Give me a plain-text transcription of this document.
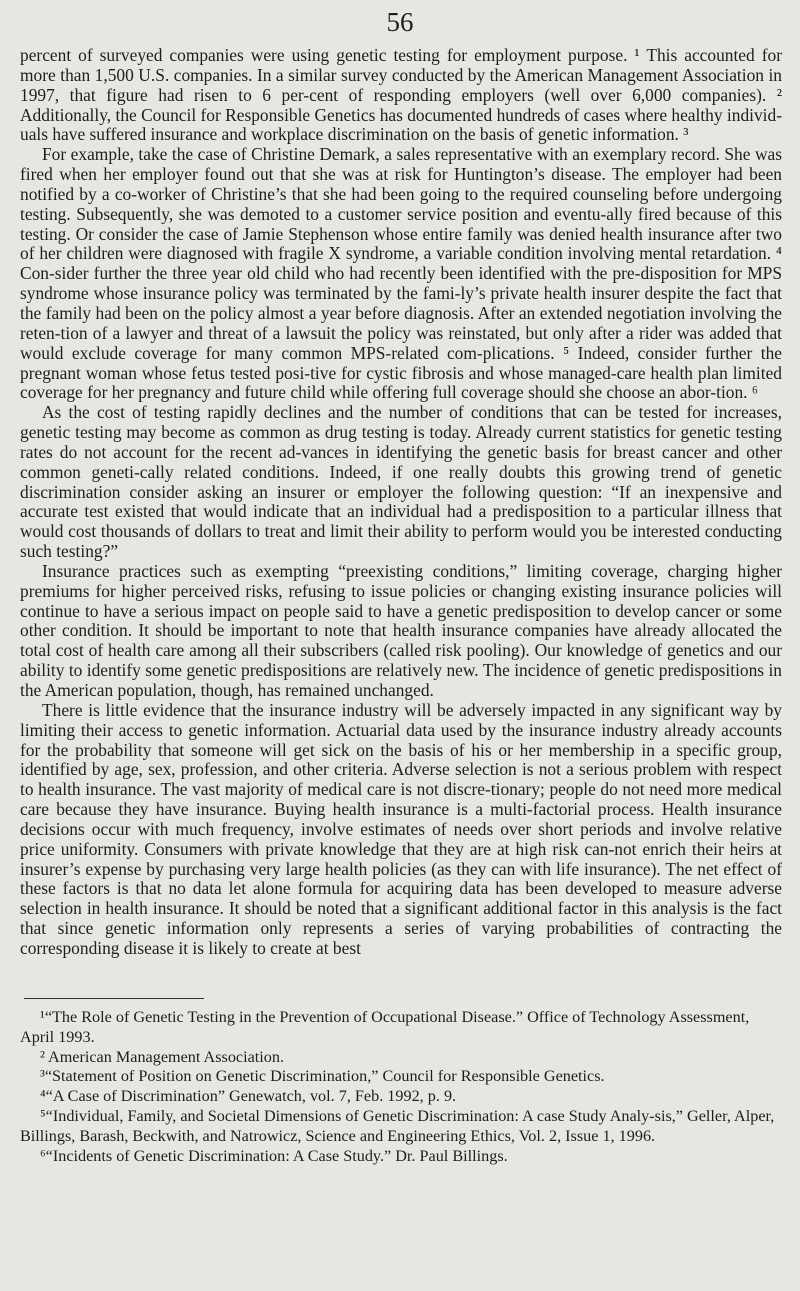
56

percent of surveyed companies were using genetic testing for employment purpose. ¹ This accounted for more than 1,500 U.S. companies. In a similar survey conducted by the American Management Association in 1997, that figure had risen to 6 per-cent of responding employers (well over 6,000 companies). ² Additionally, the Council for Responsible Genetics has documented hundreds of cases where healthy individ-uals have suffered insurance and workplace discrimination on the basis of genetic information. ³

For example, take the case of Christine Demark, a sales representative with an exemplary record. She was fired when her employer found out that she was at risk for Huntington’s disease. The employer had been notified by a co-worker of Christine’s that she had been going to the required counseling before undergoing testing. Subsequently, she was demoted to a customer service position and eventu-ally fired because of this testing. Or consider the case of Jamie Stephenson whose entire family was denied health insurance after two of her children were diagnosed with fragile X syndrome, a variable condition involving mental retardation. ⁴ Con-sider further the three year old child who had recently been identified with the pre-disposition for MPS syndrome whose insurance policy was terminated by the fami-ly’s private health insurer despite the fact that the family had been on the policy almost a year before diagnosis. After an extended negotiation involving the reten-tion of a lawyer and threat of a lawsuit the policy was reinstated, but only after a rider was added that would exclude coverage for many common MPS-related com-plications. ⁵ Indeed, consider further the pregnant woman whose fetus tested posi-tive for cystic fibrosis and whose managed-care health plan limited coverage for her pregnancy and future child while offering full coverage should she choose an abor-tion. ⁶

As the cost of testing rapidly declines and the number of conditions that can be tested for increases, genetic testing may become as common as drug testing is today. Already current statistics for genetic testing rates do not account for the recent ad-vances in identifying the genetic basis for breast cancer and other common geneti-cally related conditions. Indeed, if one really doubts this growing trend of genetic discrimination consider asking an insurer or employer the following question: “If an inexpensive and accurate test existed that would indicate that an individual had a predisposition to a particular illness that would cost thousands of dollars to treat and limit their ability to perform would you be interested conducting such testing?”

Insurance practices such as exempting “preexisting conditions,” limiting coverage, charging higher premiums for higher perceived risks, refusing to issue policies or changing existing insurance policies will continue to have a serious impact on people said to have a genetic predisposition to develop cancer or some other condition. It should be important to note that health insurance companies have already allocated the total cost of health care among all their subscribers (called risk pooling). Our knowledge of genetics and our ability to identify some genetic predispositions are relatively new. The incidence of genetic predispositions in the American population, though, has remained unchanged.

There is little evidence that the insurance industry will be adversely impacted in any significant way by limiting their access to genetic information. Actuarial data used by the insurance industry already accounts for the probability that someone will get sick on the basis of his or her membership in a specific group, identified by age, sex, profession, and other criteria. Adverse selection is not a serious problem with respect to health insurance. The vast majority of medical care is not discre-tionary; people do not need more medical care because they have insurance. Buying health insurance is a multi-factorial process. Health insurance decisions occur with much frequency, involve estimates of needs over short periods and involve relative price uniformity. Consumers with private knowledge that they are at high risk can-not enrich their heirs at insurer’s expense by purchasing very large health policies (as they can with life insurance). The net effect of these factors is that no data let alone formula for acquiring data has been developed to measure adverse selection in health insurance. It should be noted that a significant additional factor in this analysis is the fact that since genetic information only represents a series of varying probabilities of contracting the corresponding disease it is likely to create at best

¹“The Role of Genetic Testing in the Prevention of Occupational Disease.” Office of Technology Assessment, April 1993.

² American Management Association.

³“Statement of Position on Genetic Discrimination,” Council for Responsible Genetics.

⁴“A Case of Discrimination” Genewatch, vol. 7, Feb. 1992, p. 9.

⁵“Individual, Family, and Societal Dimensions of Genetic Discrimination: A case Study Analy-sis,” Geller, Alper, Billings, Barash, Beckwith, and Natrowicz, Science and Engineering Ethics, Vol. 2, Issue 1, 1996.

⁶“Incidents of Genetic Discrimination: A Case Study.” Dr. Paul Billings.
